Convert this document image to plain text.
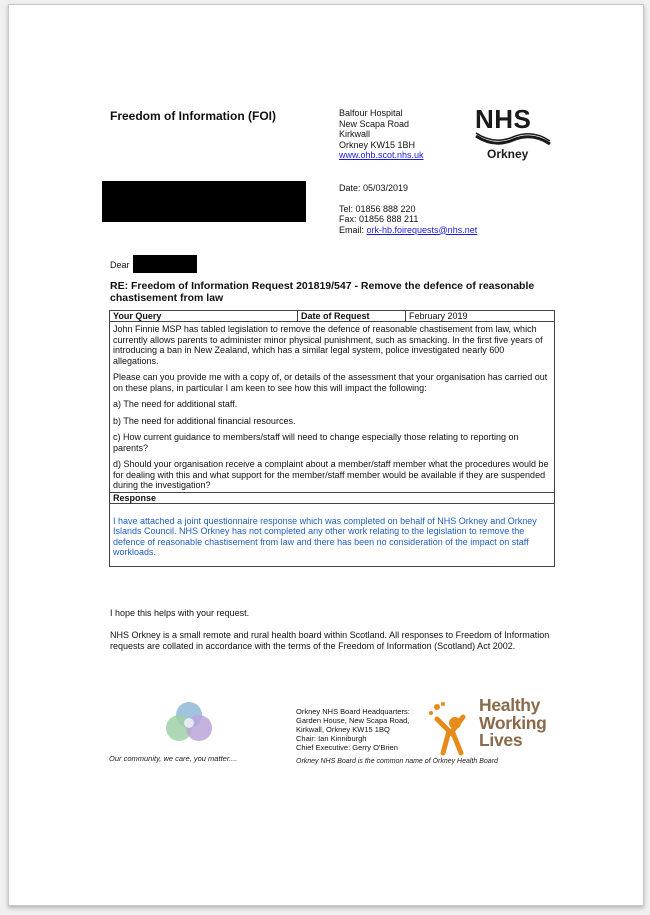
Freedom of Information (FOI)	Balfour Hospital
New Scapa Road
Kirkwall
Orkney KW15 1BH
www.ohb.scot.nhs.uk
NHS
Orkney
Date: 05/03/2019
Tel: 01856 888 220
Fax: 01856 888 211
Email: ork-hb.foirequests@nhs.net
Dear
RE: Freedom of Information Request 201819/547 - Remove the defence of reasonable chastisement from law
Your Query	Date of Request	February 2019

John Finnie MSP has tabled legislation to remove the defence of reasonable chastisement from law, which currently allows parents to administer minor physical punishment, such as smacking. In the first five years of introducing a ban in New Zealand, which has a similar legal system, police investigated nearly 600 allegations.

Please can you provide me with a copy of, or details of the assessment that your organisation has carried out on these plans, in particular I am keen to see how this will impact the following:

a) The need for additional staff.

b) The need for additional financial resources.

c) How current guidance to members/staff will need to change especially those relating to reporting on parents?

d) Should your organisation receive a complaint about a member/staff member what the procedures would be for dealing with this and what support for the member/staff member would be available if they are suspended during the investigation?

Response
I have attached a joint questionnaire response which was completed on behalf of NHS Orkney and Orkney Islands Council. NHS Orkney has not completed any other work relating to the legislation to remove the defence of reasonable chastisement from law and there has been no consideration of the impact on staff workloads.
I hope this helps with your request.
NHS Orkney is a small remote and rural health board within Scotland. All responses to Freedom of Information requests are collated in accordance with the terms of the Freedom of Information (Scotland) Act 2002.
Our community, we care, you matter....
Orkney NHS Board Headquarters:
Garden House, New Scapa Road,
Kirkwall, Orkney KW15 1BQ
Chair: Ian Kinniburgh
Chief Executive: Gerry O'Brien
Orkney NHS Board is the common name of Orkney Health Board
Healthy
Working
Lives
